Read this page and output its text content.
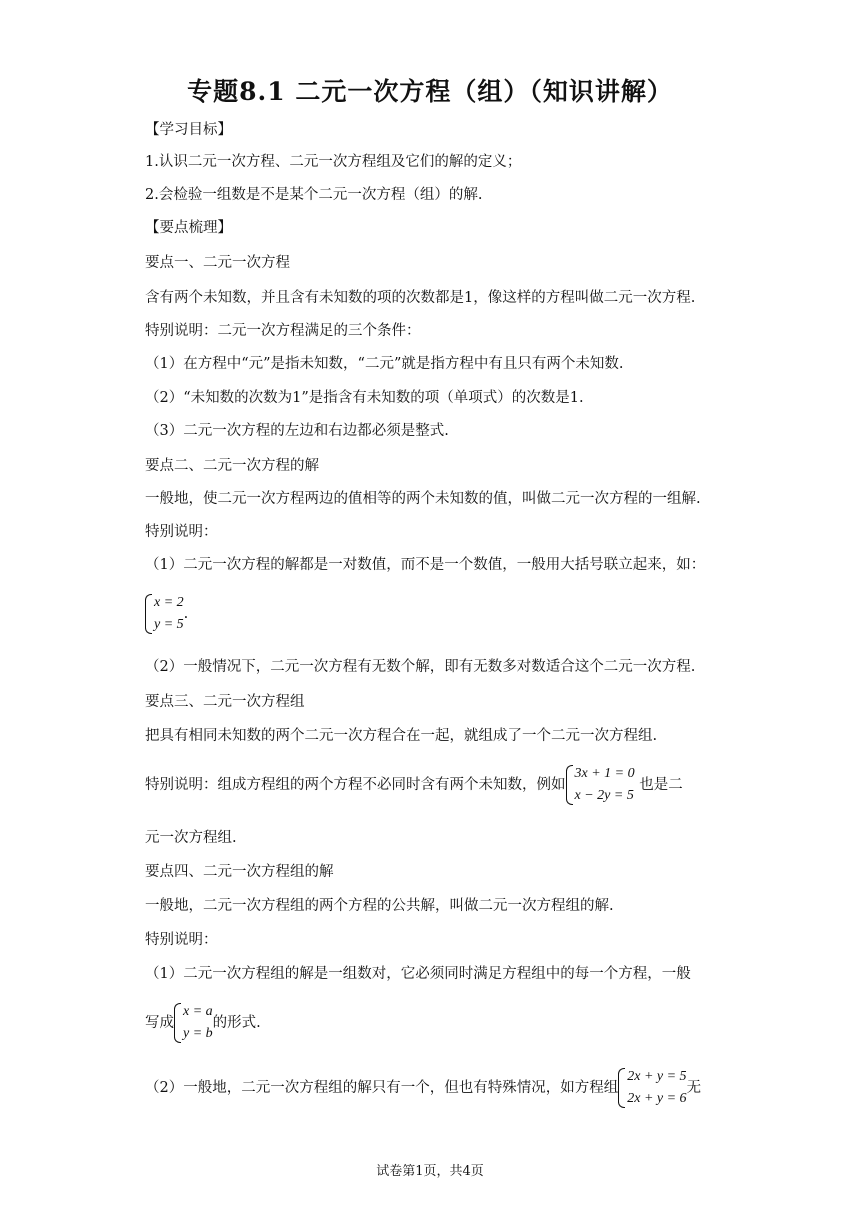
专题8.1 二元一次方程（组）（知识讲解）
【学习目标】
1.认识二元一次方程、二元一次方程组及它们的解的定义；
2.会检验一组数是不是某个二元一次方程（组）的解.
【要点梳理】
要点一、二元一次方程
含有两个未知数，并且含有未知数的项的次数都是1，像这样的方程叫做二元一次方程.
特别说明：二元一次方程满足的三个条件：
（1）在方程中“元”是指未知数，“二元”就是指方程中有且只有两个未知数.
（2）“未知数的次数为1”是指含有未知数的项（单项式）的次数是1.
（3）二元一次方程的左边和右边都必须是整式.
要点二、二元一次方程的解
一般地，使二元一次方程两边的值相等的两个未知数的值，叫做二元一次方程的一组解.
特别说明：
（1）二元一次方程的解都是一对数值，而不是一个数值，一般用大括号联立起来，如：
x = 2
y = 5
.
（2）一般情况下，二元一次方程有无数个解，即有无数多对数适合这个二元一次方程.
要点三、二元一次方程组
把具有相同未知数的两个二元一次方程合在一起，就组成了一个二元一次方程组.
特别说明：组成方程组的两个方程不必同时含有两个未知数，例如
3x + 1 = 0
x − 2y = 5
也是二
元一次方程组.
要点四、二元一次方程组的解
一般地，二元一次方程组的两个方程的公共解，叫做二元一次方程组的解.
特别说明：
（1）二元一次方程组的解是一组数对，它必须同时满足方程组中的每一个方程，一般
写成
x = a
y = b
的形式.
（2）一般地，二元一次方程组的解只有一个，但也有特殊情况，如方程组
2x + y = 5
2x + y = 6
无
试卷第1页，共4页
